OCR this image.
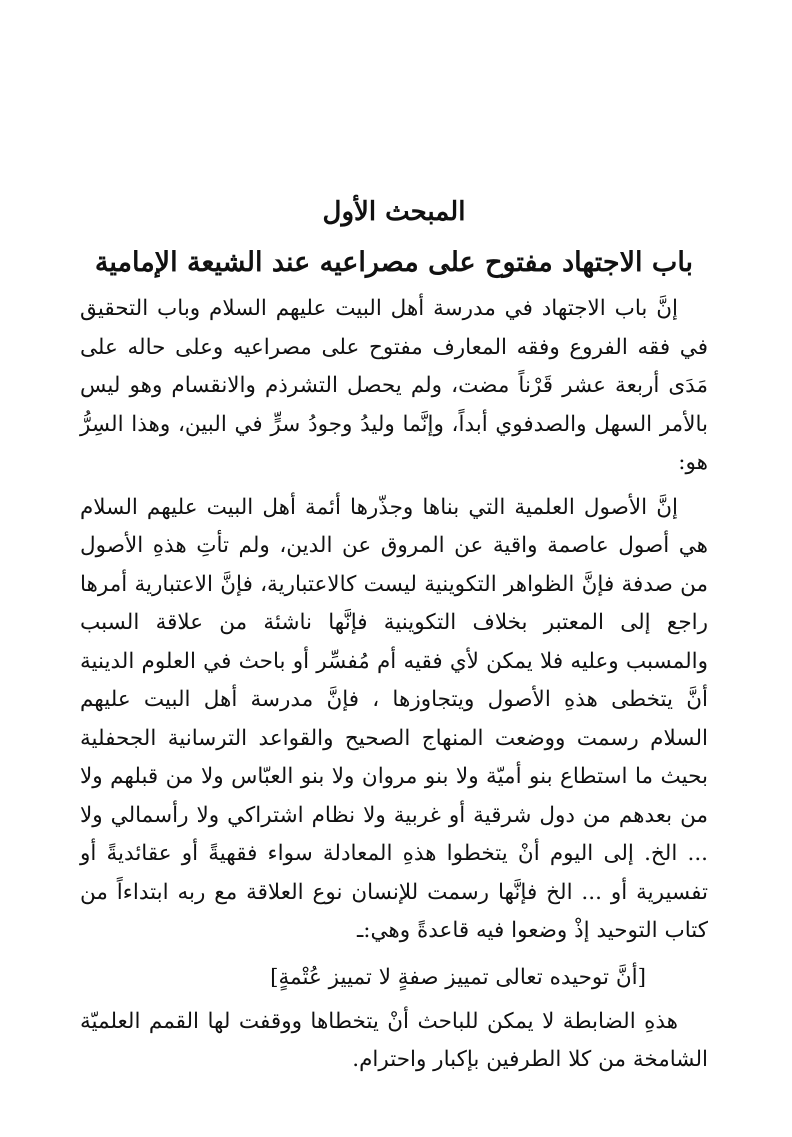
المبحث الأول
باب الاجتهاد مفتوح على مصراعيه عند الشيعة الإمامية

إنَّ باب الاجتهاد في مدرسة أهل البيت عليهم السلام وباب التحقيق في فقه الفروع وفقه المعارف مفتوح على مصراعيه وعلى حاله على مَدَى أربعة عشر قَرْناً مضت، ولم يحصل التشرذم والانقسام وهو ليس بالأمر السهل والصدفوي أبداً، وإنَّما وليدُ وجودُ سرٍّ في البين، وهذا السِرُّ هو:

إنَّ الأصول العلمية التي بناها وجذّرها أئمة أهل البيت عليهم السلام هي أصول عاصمة واقية عن المروق عن الدين، ولم تأتِ هذهِ الأصول من صدفة فإنَّ الظواهر التكوينية ليست كالاعتبارية، فإنَّ الاعتبارية أمرها راجع إلى المعتبر بخلاف التكوينية فإنَّها ناشئة من علاقة السبب والمسبب وعليه فلا يمكن لأي فقيه أم مُفسِّر أو باحث في العلوم الدينية أنَّ يتخطى هذهِ الأصول ويتجاوزها ، فإنَّ مدرسة أهل البيت عليهم السلام رسمت ووضعت المنهاج الصحيح والقواعد الترسانية الجحفلية بحيث ما استطاع بنو أميّة ولا بنو مروان ولا بنو العبّاس ولا من قبلهم ولا من بعدهم من دول شرقية أو غربية ولا نظام اشتراكي ولا رأسمالي ولا ... الخ. إلى اليوم أنْ يتخطوا هذهِ المعادلة سواء فقهيةً أو عقائديةً أو تفسيرية أو ... الخ فإنَّها رسمت للإنسان نوع العلاقة مع ربه ابتداءاً من كتاب التوحيد إذْ وضعوا فيه قاعدةً وهي:ـ

[أنَّ توحيده تعالى تمييز صفةٍ لا تمييز عُتْمةٍ]

هذهِ الضابطة لا يمكن للباحث أنْ يتخطاها ووقفت لها القمم العلميّة الشامخة من كلا الطرفين بإكبار واحترام.
